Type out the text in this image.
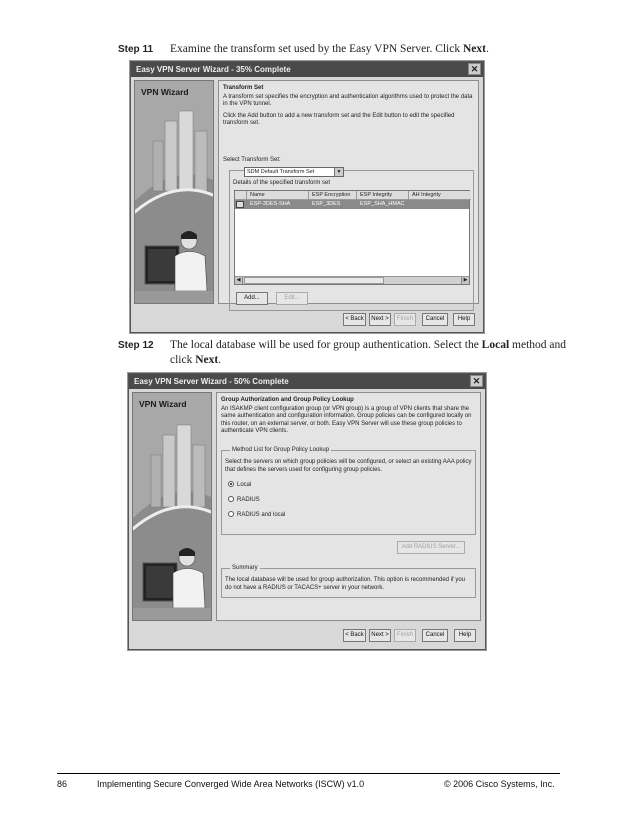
Step 11	Examine the transform set used by the Easy VPN Server. Click Next.
Easy VPN Server Wizard - 35% Complete	✕
VPN Wizard	Transform Set
A transform set specifies the encryption and authentication algorithms used to protect the data in the VPN tunnel.
Click the Add button to add a new transform set and the Edit button to edit the specified transform set.
Select Transform Set:
SDM Default Transform Set	▼
Details of the specified transform set
Name	ESP Encryption	ESP Integrity	AH Integrity
ESP-3DES-SHA	ESP_3DES	ESP_SHA_HMAC
◀	▶
Add...	Edit...
< Back	Next >	Finish	Cancel	Help
Step 12	The local database will be used for group authentication. Select the Local method and click Next.
Easy VPN Server Wizard - 50% Complete	✕
VPN Wizard	Group Authorization and Group Policy Lookup
An ISAKMP client configuration group (or VPN group) is a group of VPN clients that share the same authentication and configuration information. Group policies can be configured locally on this router, on an external server, or both. Easy VPN Server will use these group policies to authenticate VPN clients.
Method List for Group Policy Lookup
Select the servers on which group policies will be configured, or select an existing AAA policy that defines the servers used for configuring group policies.
Local
RADIUS
RADIUS and local
Add RADIUS Server...
Summary
The local database will be used for group authorization. This option is recommended if you do not have a RADIUS or TACACS+ server in your network.
< Back	Next >	Finish	Cancel	Help
86	Implementing Secure Converged Wide Area Networks (ISCW) v1.0	© 2006 Cisco Systems, Inc.
